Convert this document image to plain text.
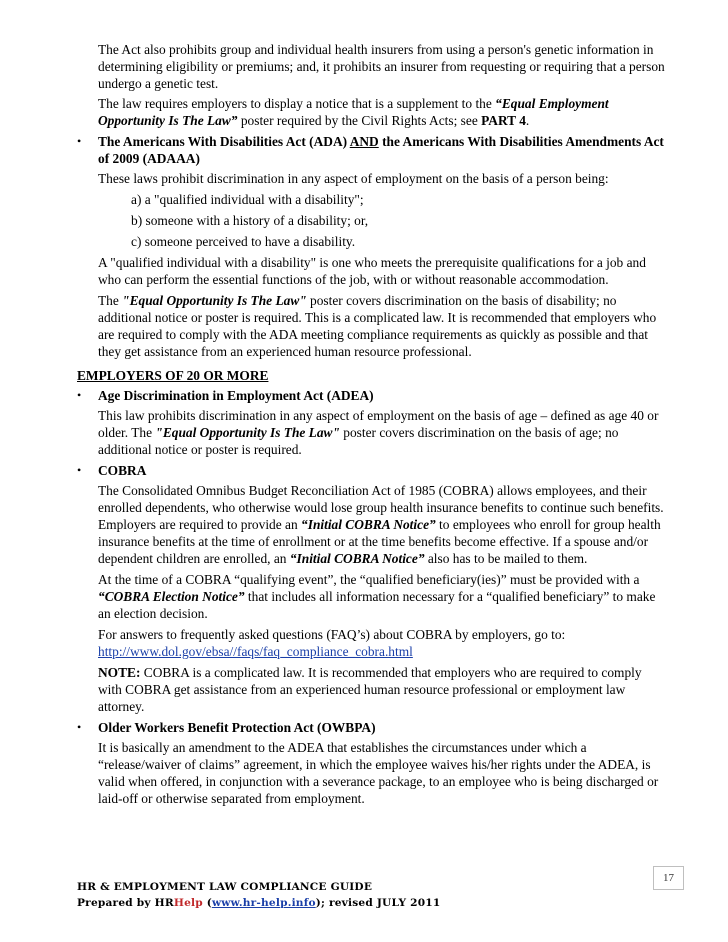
The Act also prohibits group and individual health insurers from using a person's genetic information in determining eligibility or premiums; and, it prohibits an insurer from requesting or requiring that a person undergo a genetic test.

The law requires employers to display a notice that is a supplement to the “Equal Employment Opportunity Is The Law” poster required by the Civil Rights Acts; see PART 4.

• The Americans With Disabilities Act (ADA) AND the Americans With Disabilities Amendments Act of 2009 (ADAAA)

These laws prohibit discrimination in any aspect of employment on the basis of a person being:

a) a "qualified individual with a disability";

b) someone with a history of a disability; or,

c) someone perceived to have a disability.

A "qualified individual with a disability" is one who meets the prerequisite qualifications for a job and who can perform the essential functions of the job, with or without reasonable accommodation.

The "Equal Opportunity Is The Law" poster covers discrimination on the basis of disability; no additional notice or poster is required. This is a complicated law. It is recommended that employers who are required to comply with the ADA meeting compliance requirements as quickly as possible and that they get assistance from an experienced human resource professional.

EMPLOYERS OF 20 OR MORE
• Age Discrimination in Employment Act (ADEA)

This law prohibits discrimination in any aspect of employment on the basis of age – defined as age 40 or older. The "Equal Opportunity Is The Law" poster covers discrimination on the basis of age; no additional notice or poster is required.

• COBRA

The Consolidated Omnibus Budget Reconciliation Act of 1985 (COBRA) allows employees, and their enrolled dependents, who otherwise would lose group health insurance benefits to continue such benefits. Employers are required to provide an “Initial COBRA Notice” to employees who enroll for group health insurance benefits at the time of enrollment or at the time benefits become effective. If a spouse and/or dependent children are enrolled, an “Initial COBRA Notice” also has to be mailed to them.

At the time of a COBRA “qualifying event”, the “qualified beneficiary(ies)” must be provided with a “COBRA Election Notice” that includes all information necessary for a “qualified beneficiary” to make an election decision.

For answers to frequently asked questions (FAQ’s) about COBRA by employers, go to:

http://www.dol.gov/ebsa//faqs/faq_compliance_cobra.html

NOTE: COBRA is a complicated law. It is recommended that employers who are required to comply with COBRA get assistance from an experienced human resource professional or employment law attorney.

• Older Workers Benefit Protection Act (OWBPA)

It is basically an amendment to the ADEA that establishes the circumstances under which a “release/waiver of claims” agreement, in which the employee waives his/her rights under the ADEA, is valid when offered, in conjunction with a severance package, to an employee who is being discharged or laid-off or otherwise separated from employment.

17
HR & EMPLOYMENT LAW COMPLIANCE GUIDE
Prepared by HRHelp (www.hr-help.info); revised JULY 2011
